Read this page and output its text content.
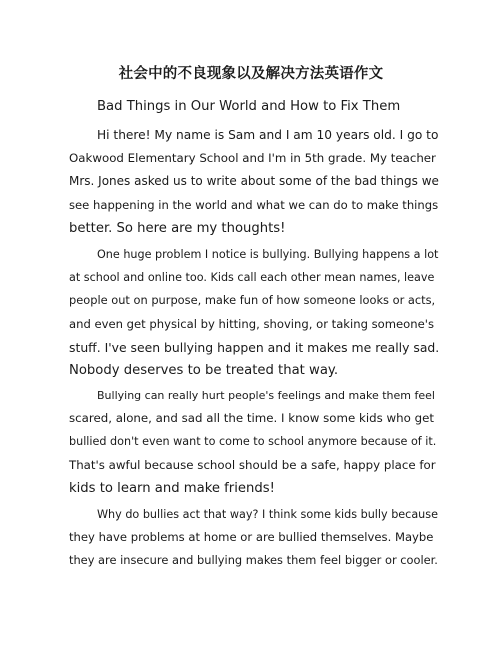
社会中的不良现象以及解决方法英语作文
Bad Things in Our World and How to Fix Them
Hi there! My name is Sam and I am 10 years old. I go to
Oakwood Elementary School and I'm in 5th grade. My teacher
Mrs. Jones asked us to write about some of the bad things we
see happening in the world and what we can do to make things
better. So here are my thoughts!
One huge problem I notice is bullying. Bullying happens a lot
at school and online too. Kids call each other mean names, leave
people out on purpose, make fun of how someone looks or acts,
and even get physical by hitting, shoving, or taking someone's
stuff. I've seen bullying happen and it makes me really sad.
Nobody deserves to be treated that way.
Bullying can really hurt people's feelings and make them feel
scared, alone, and sad all the time. I know some kids who get
bullied don't even want to come to school anymore because of it.
That's awful because school should be a safe, happy place for
kids to learn and make friends!
Why do bullies act that way? I think some kids bully because
they have problems at home or are bullied themselves. Maybe
they are insecure and bullying makes them feel bigger or cooler.
